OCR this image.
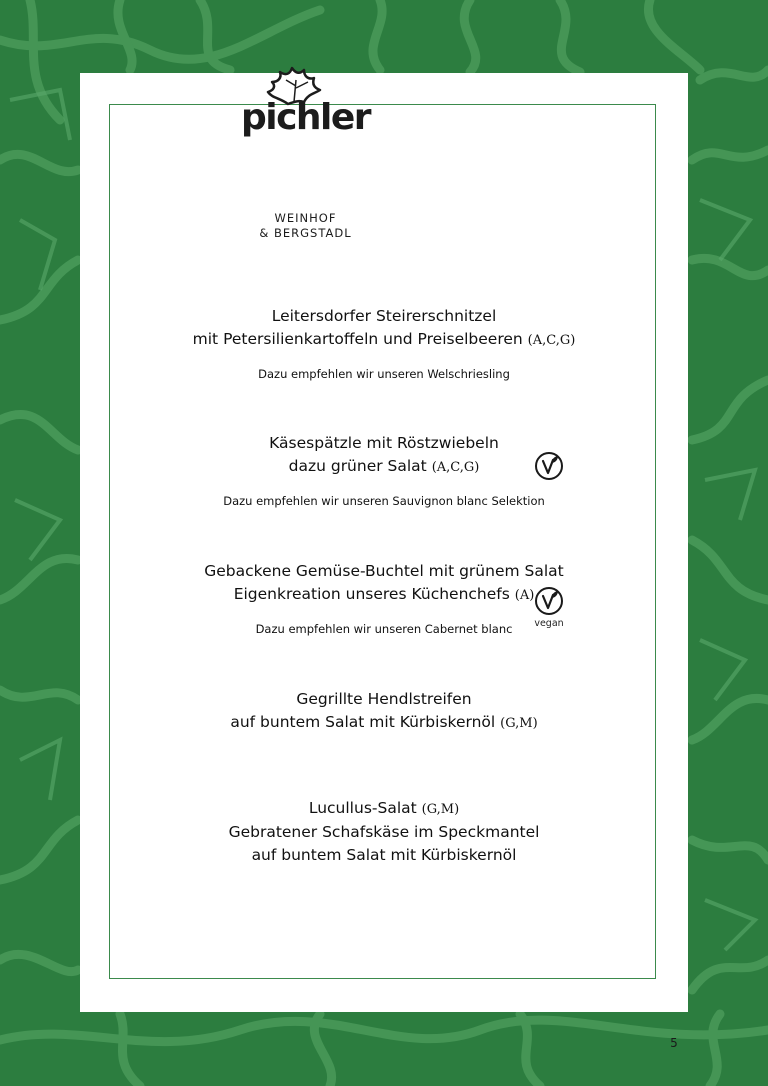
pichler
WEINHOF
& BERGSTADL
Leitersdorfer Steirerschnitzel
mit Petersilienkartoffeln und Preiselbeeren (A,C,G)
Dazu empfehlen wir unseren Welschriesling
Käsespätzle mit Röstzwiebeln
dazu grüner Salat (A,C,G)
Dazu empfehlen wir unseren Sauvignon blanc Selektion
Gebackene Gemüse-Buchtel mit grünem Salat
Eigenkreation unseres Küchenchefs (A)
Dazu empfehlen wir unseren Cabernet blanc	vegan
Gegrillte Hendlstreifen
auf buntem Salat mit Kürbiskernöl (G,M)
Lucullus-Salat (G,M)
Gebratener Schafskäse im Speckmantel
auf buntem Salat mit Kürbiskernöl
5
